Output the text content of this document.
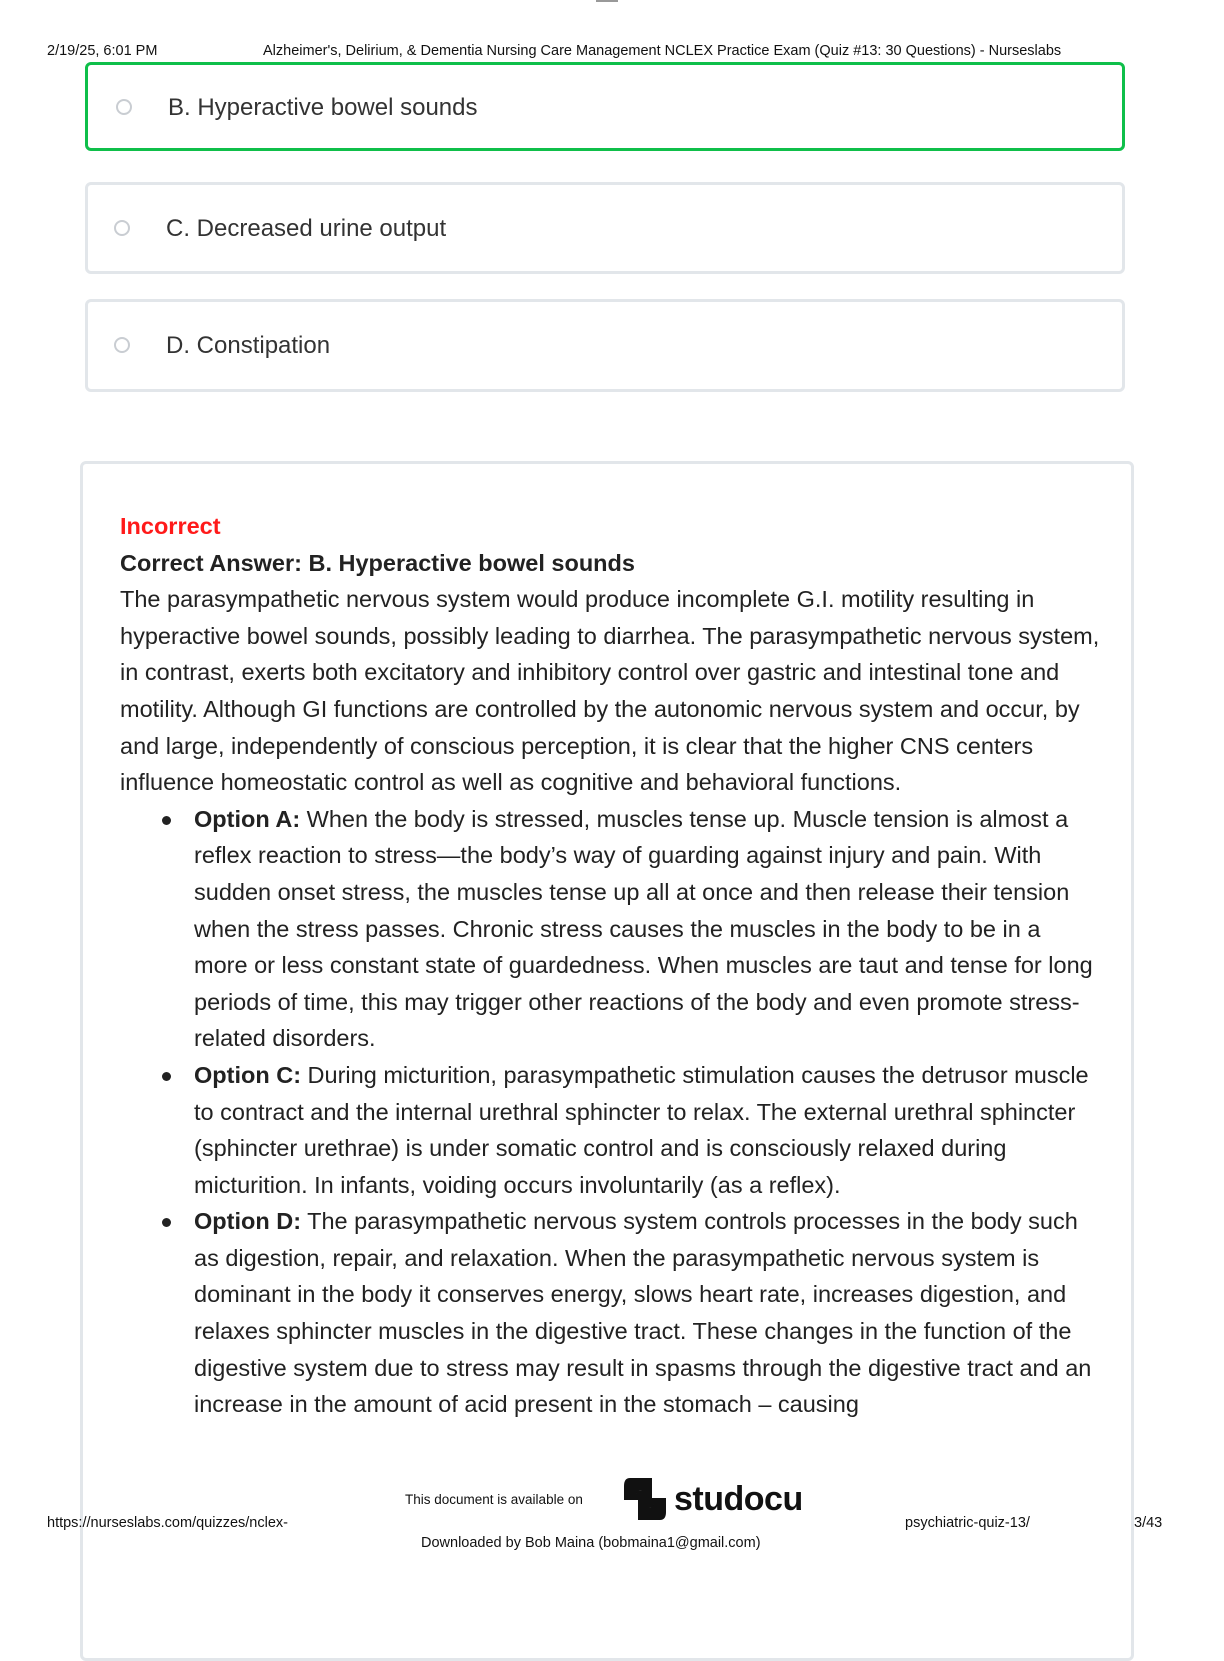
2/19/25, 6:01 PM	Alzheimer's, Delirium, & Dementia Nursing Care Management NCLEX Practice Exam (Quiz #13: 30 Questions) - Nurseslabs
B. Hyperactive bowel sounds
C. Decreased urine output
D. Constipation
Incorrect
Correct Answer: B. Hyperactive bowel sounds
The parasympathetic nervous system would produce incomplete G.I. motility resulting in hyperactive bowel sounds, possibly leading to diarrhea. The parasympathetic nervous system, in contrast, exerts both excitatory and inhibitory control over gastric and intestinal tone and motility. Although GI functions are controlled by the autonomic nervous system and occur, by and large, independently of conscious perception, it is clear that the higher CNS centers influence homeostatic control as well as cognitive and behavioral functions.
Option A: When the body is stressed, muscles tense up. Muscle tension is almost a reflex reaction to stress—the body’s way of guarding against injury and pain. With sudden onset stress, the muscles tense up all at once and then release their tension when the stress passes. Chronic stress causes the muscles in the body to be in a more or less constant state of guardedness. When muscles are taut and tense for long periods of time, this may trigger other reactions of the body and even promote stress-related disorders.
Option C: During micturition, parasympathetic stimulation causes the detrusor muscle to contract and the internal urethral sphincter to relax. The external urethral sphincter (sphincter urethrae) is under somatic control and is consciously relaxed during micturition. In infants, voiding occurs involuntarily (as a reflex).
Option D: The parasympathetic nervous system controls processes in the body such as digestion, repair, and relaxation. When the parasympathetic nervous system is dominant in the body it conserves energy, slows heart rate, increases digestion, and relaxes sphincter muscles in the digestive tract. These changes in the function of the digestive system due to stress may result in spasms through the digestive tract and an increase in the amount of acid present in the stomach – causing
This document is available on	studocu
https://nurseslabs.com/quizzes/nclex-	psychiatric-quiz-13/	3/43
Downloaded by Bob Maina (bobmaina1@gmail.com)
